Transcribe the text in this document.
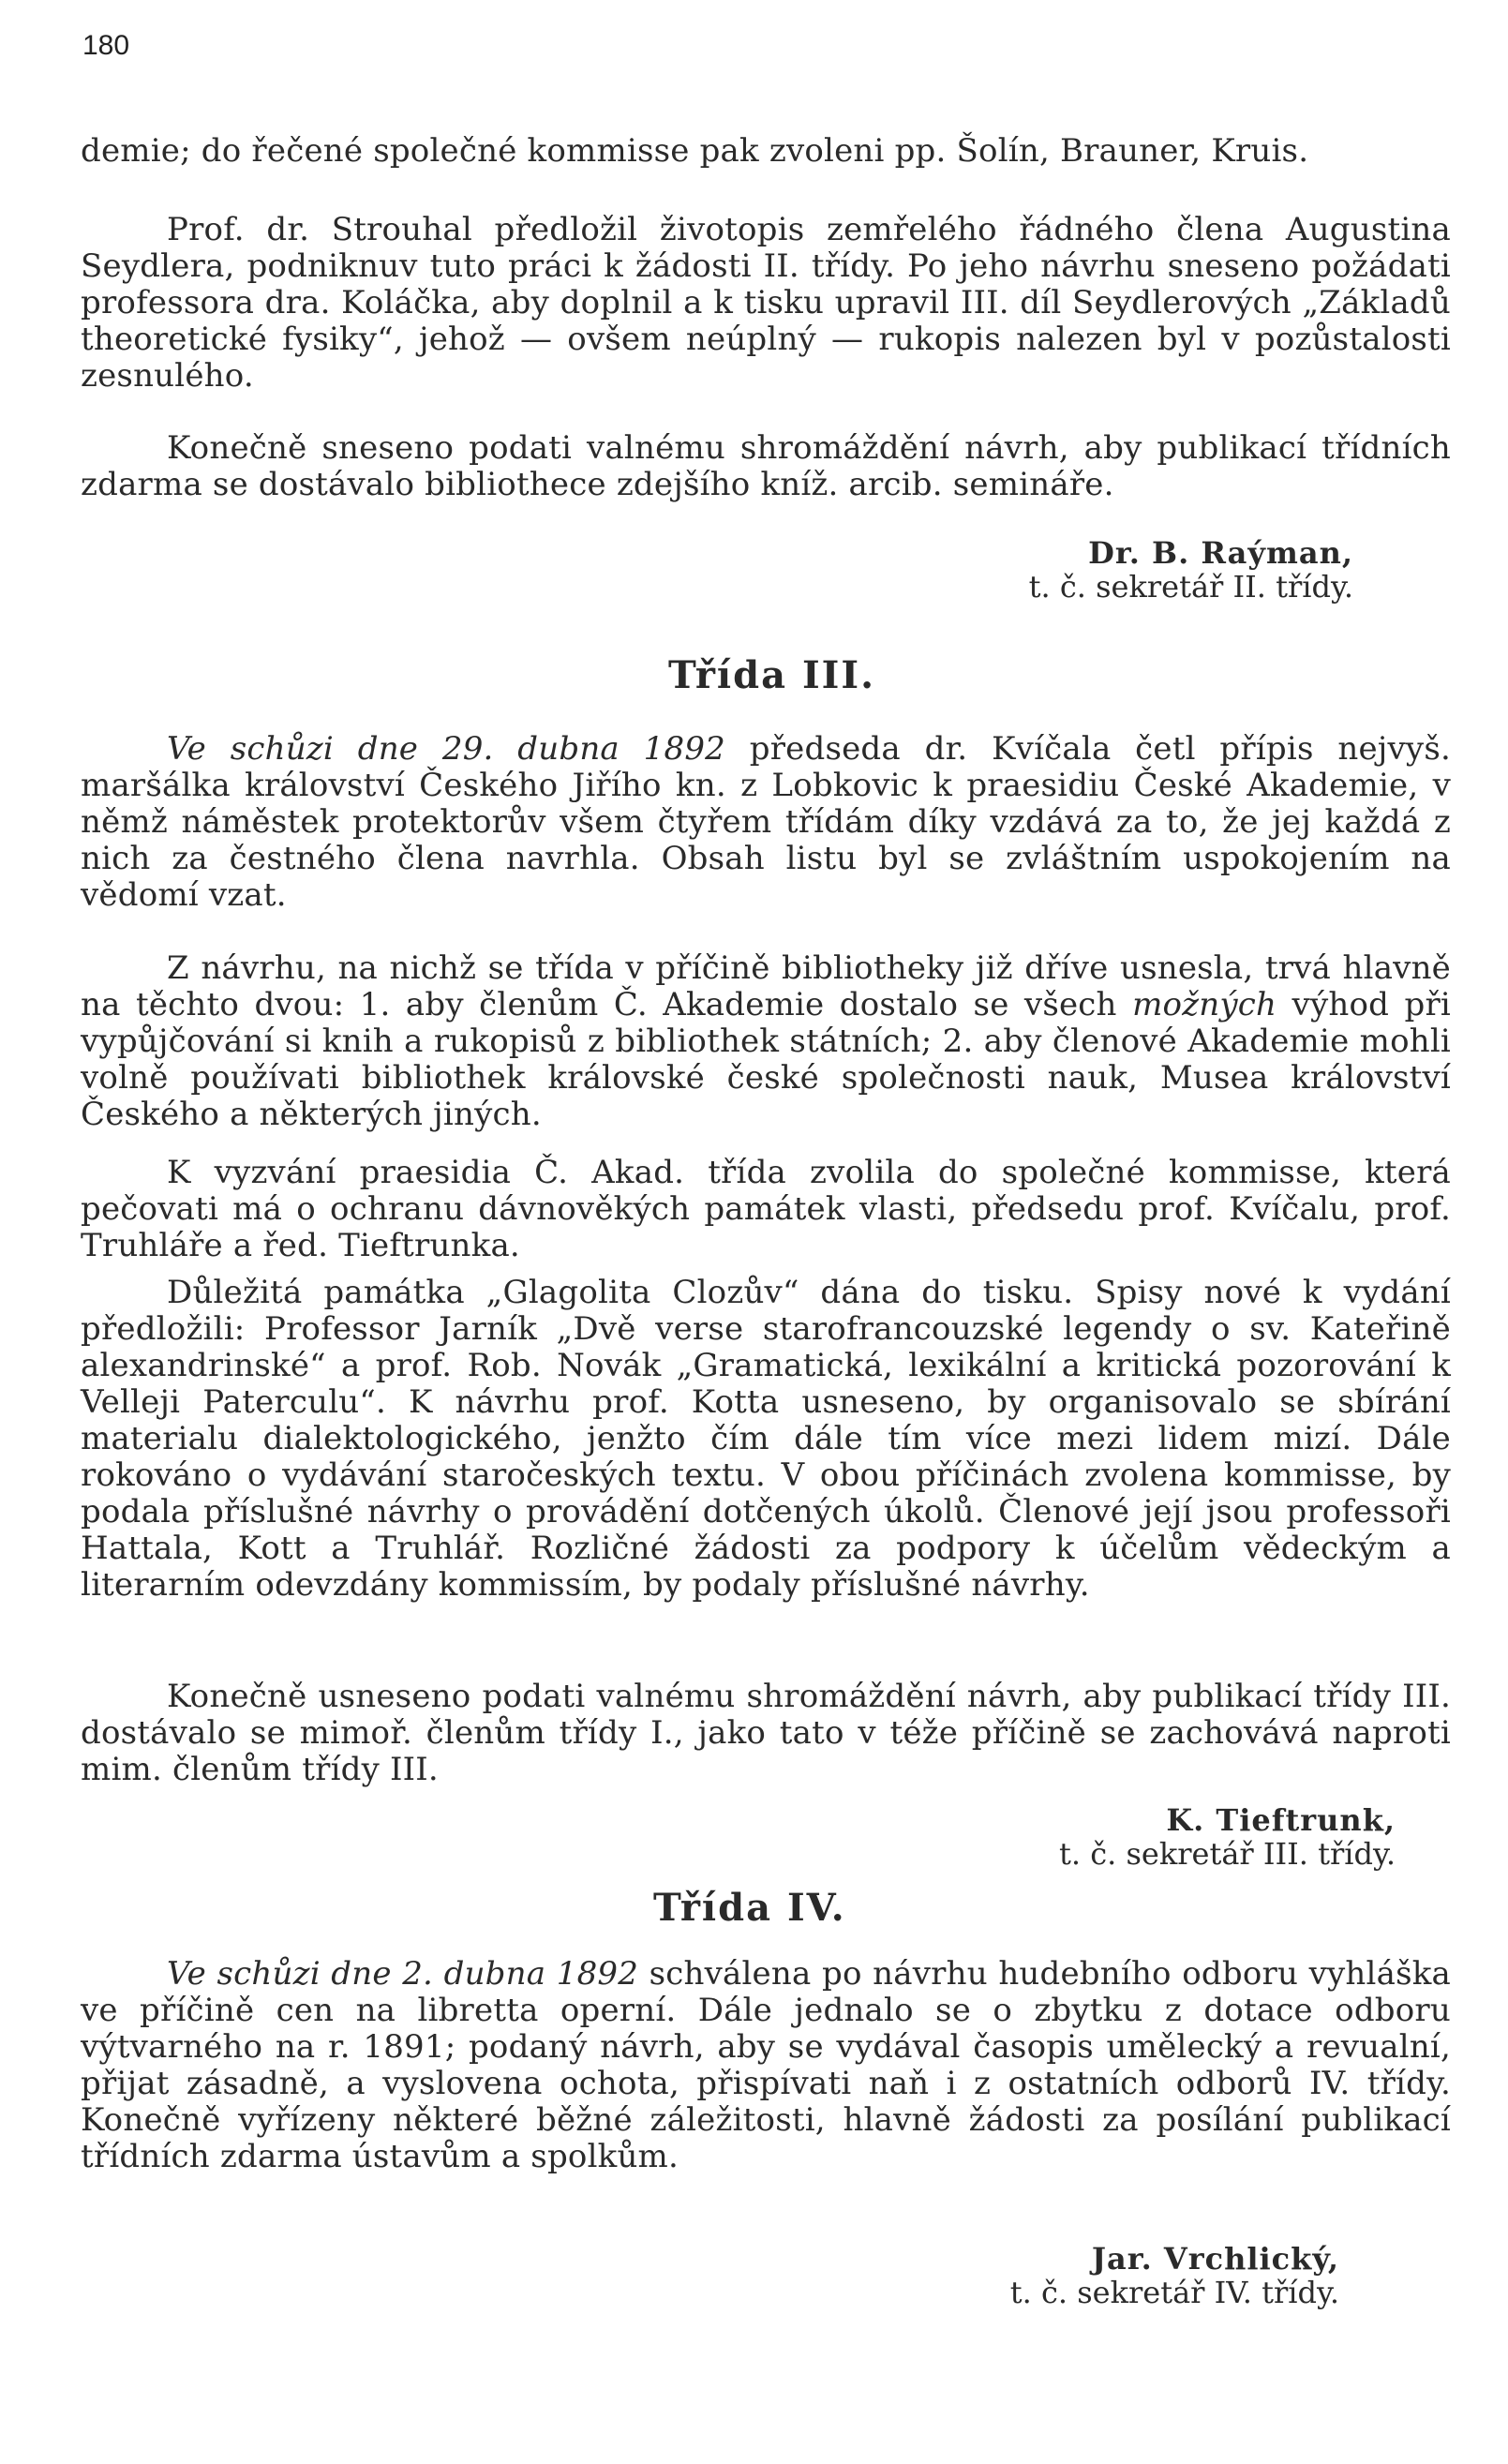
180
demie; do řečené společné kommisse pak zvoleni pp. Šolín, Brauner, Kruis.
Prof. dr. Strouhal předložil životopis zemřelého řádného člena Augustina Seydlera, podniknuv tuto práci k žádosti II. třídy. Po jeho návrhu sneseno požádati professora dra. Koláčka, aby doplnil a k tisku upravil III. díl Seydlerových „Základů theoretické fysiky“, jehož — ovšem neúplný — rukopis nalezen byl v pozůstalosti zesnulého.
Konečně sneseno podati valnému shromáždění návrh, aby publikací třídních zdarma se dostávalo bibliothece zdejšího kníž. arcib. semináře.
Dr. B. Raýman,
t. č. sekretář II. třídy.
Třída III.
Ve schůzi dne 29. dubna 1892 předseda dr. Kvíčala četl přípis nejvyš. maršálka království Českého Jiřího kn. z Lobkovic k praesidiu České Akademie, v němž náměstek protektorův všem čtyřem třídám díky vzdává za to, že jej každá z nich za čestného člena navrhla. Obsah listu byl se zvláštním uspokojením na vědomí vzat.
Z návrhu, na nichž se třída v příčině bibliotheky již dříve usnesla, trvá hlavně na těchto dvou: 1. aby členům Č. Akademie dostalo se všech možných výhod při vypůjčování si knih a rukopisů z bibliothek státních; 2. aby členové Akademie mohli volně používati bibliothek královské české společnosti nauk, Musea království Českého a některých jiných.
K vyzvání praesidia Č. Akad. třída zvolila do společné kommisse, která pečovati má o ochranu dávnověkých památek vlasti, předsedu prof. Kvíčalu, prof. Truhláře a řed. Tieftrunka.
Důležitá památka „Glagolita Clozův“ dána do tisku. Spisy nové k vydání předložili: Professor Jarník „Dvě verse starofrancouzské legendy o sv. Kateřině alexandrinské“ a prof. Rob. Novák „Gramatická, lexikální a kritická pozorování k Velleji Paterculu“. K návrhu prof. Kotta usneseno, by organisovalo se sbírání materialu dialektologického, jenžto čím dále tím více mezi lidem mizí. Dále rokováno o vydávání staročeských textu. V obou příčinách zvolena kommisse, by podala příslušné návrhy o provádění dotčených úkolů. Členové její jsou professoři Hattala, Kott a Truhlář. Rozličné žádosti za podpory k účelům vědeckým a literarním odevzdány kommissím, by podaly příslušné návrhy.
Konečně usneseno podati valnému shromáždění návrh, aby publikací třídy III. dostávalo se mimoř. členům třídy I., jako tato v téže příčině se zachovává naproti mim. členům třídy III.
K. Tieftrunk,
t. č. sekretář III. třídy.
Třída IV.
Ve schůzi dne 2. dubna 1892 schválena po návrhu hudebního odboru vyhláška ve příčině cen na libretta operní. Dále jednalo se o zbytku z dotace odboru výtvarného na r. 1891; podaný návrh, aby se vydával časopis umělecký a revualní, přijat zásadně, a vyslovena ochota, přispívati naň i z ostatních odborů IV. třídy. Konečně vyřízeny některé běžné záležitosti, hlavně žádosti za posílání publikací třídních zdarma ústavům a spolkům.
Jar. Vrchlický,
t. č. sekretář IV. třídy.
